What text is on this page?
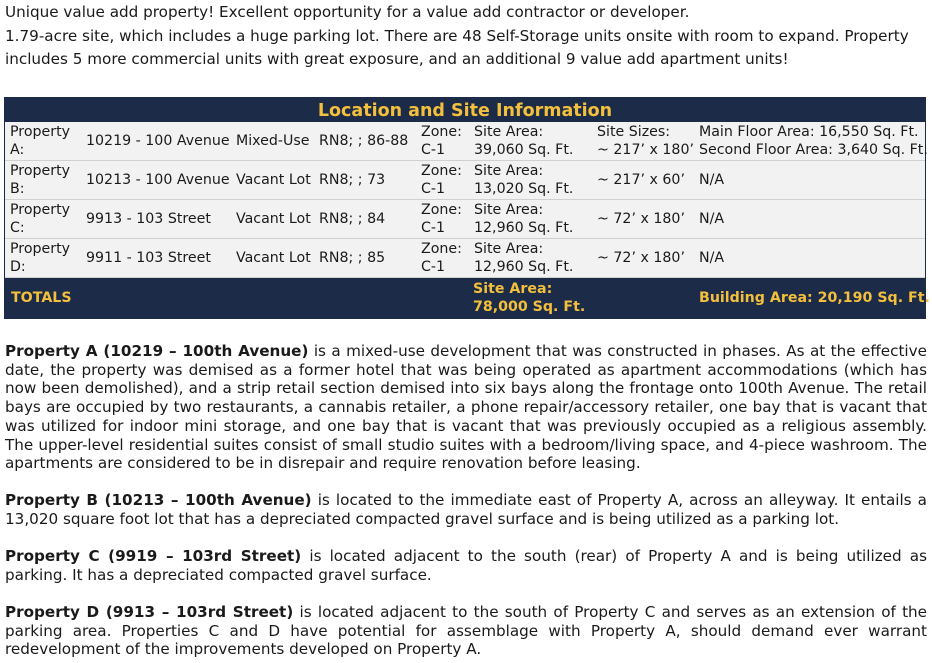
Unique value add property! Excellent opportunity for a value add contractor or developer.

1.79-acre site, which includes a huge parking lot. There are 48 Self-Storage units onsite with room to expand. Property

includes 5 more commercial units with great exposure, and an additional 9 value add apartment units!

Location and Site Information
Property
A:
10219 - 100 Avenue Mixed-Use RN8; ; 86-88
Zone:
C-1
Site Area:
39,060 Sq. Ft.
Site Sizes:
~ 217’ x 180’
Main Floor Area: 16,550 Sq. Ft.
Second Floor Area: 3,640 Sq. Ft.
Property
B:
10213 - 100 Avenue Vacant Lot RN8; ; 73
Zone:
C-1
Site Area:
13,020 Sq. Ft.
~ 217’ x 60’ N/A
Property
C:
9913 - 103 Street Vacant Lot RN8; ; 84
Zone:
C-1
Site Area:
12,960 Sq. Ft.
~ 72’ x 180’ N/A
Property
D:
9911 - 103 Street Vacant Lot RN8; ; 85
Zone:
C-1
Site Area:
12,960 Sq. Ft.
~ 72’ x 180’ N/A
TOTALS
Site Area:
78,000 Sq. Ft.
Building Area: 20,190 Sq. Ft.

Property A (10219 – 100th Avenue) is a mixed-use development that was constructed in phases. As at the effective date, the property was demised as a former hotel that was being operated as apartment accommodations (which has now been demolished), and a strip retail section demised into six bays along the frontage onto 100th Avenue. The retail bays are occupied by two restaurants, a cannabis retailer, a phone repair/accessory retailer, one bay that is vacant that was utilized for indoor mini storage, and one bay that is vacant that was previously occupied as a religious assembly. The upper-level residential suites consist of small studio suites with a bedroom/living space, and 4-piece washroom. The apartments are considered to be in disrepair and require renovation before leasing.

Property B (10213 – 100th Avenue) is located to the immediate east of Property A, across an alleyway. It entails a 13,020 square foot lot that has a depreciated compacted gravel surface and is being utilized as a parking lot.

Property C (9919 – 103rd Street) is located adjacent to the south (rear) of Property A and is being utilized as parking. It has a depreciated compacted gravel surface.

Property D (9913 – 103rd Street) is located adjacent to the south of Property C and serves as an extension of the parking area. Properties C and D have potential for assemblage with Property A, should demand ever warrant redevelopment of the improvements developed on Property A.
